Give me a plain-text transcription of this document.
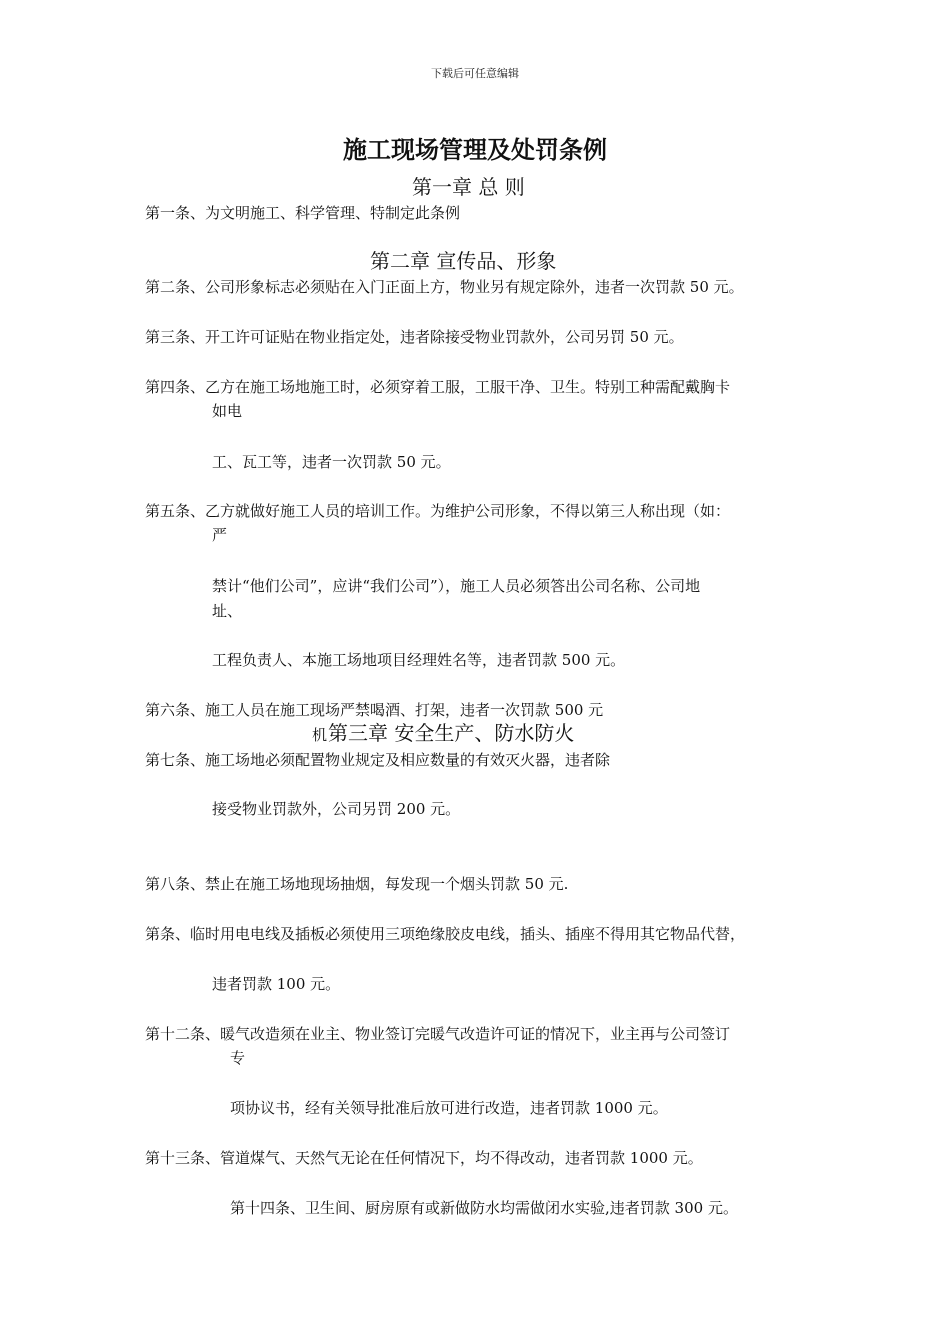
下载后可任意编辑
施工现场管理及处罚条例
第一章 总 则
第一条、为文明施工、科学管理、特制定此条例
第二章 宣传品、形象
第二条、公司形象标志必须贴在入门正面上方，物业另有规定除外，违者一次罚款 50 元。
第三条、开工许可证贴在物业指定处，违者除接受物业罚款外，公司另罚 50 元。
第四条、乙方在施工场地施工时，必须穿着工服，工服干净、卫生。特别工种需配戴胸卡
如电
工、瓦工等，违者一次罚款 50 元。
第五条、乙方就做好施工人员的培训工作。为维护公司形象，不得以第三人称出现（如：
严
禁计“他们公司”，应讲“我们公司”），施工人员必须答出公司名称、公司地
址、
工程负责人、本施工场地项目经理姓名等，违者罚款 500 元。
第六条、施工人员在施工现场严禁喝酒、打架，违者一次罚款 500 元
机 第三章 安全生产、防水防火
第七条、施工场地必须配置物业规定及相应数量的有效灭火器，违者除
接受物业罚款外，公司另罚 200 元。
第八条、禁止在施工场地现场抽烟，每发现一个烟头罚款 50 元.
第条、临时用电电线及插板必须使用三项绝缘胶皮电线，插头、插座不得用其它物品代替，
违者罚款 100 元。
第十二条、暖气改造须在业主、物业签订完暖气改造许可证的情况下，业主再与公司签订
专
项协议书，经有关领导批准后放可进行改造，违者罚款 1000 元。
第十三条、管道煤气、天然气无论在任何情况下，均不得改动，违者罚款 1000 元。
第十四条、卫生间、厨房原有或新做防水均需做闭水实验,违者罚款 300 元。
